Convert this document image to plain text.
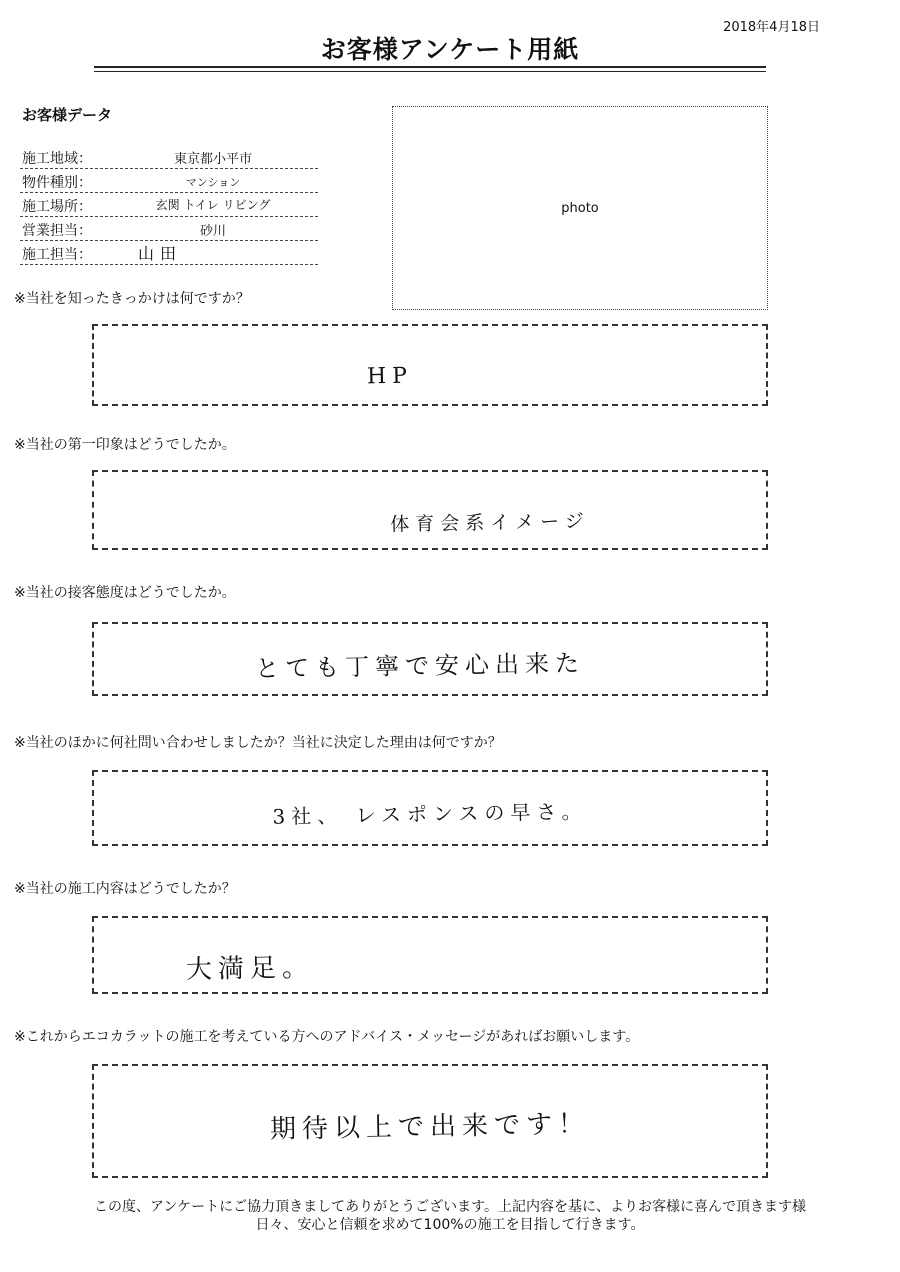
2018年4月18日
お客様アンケート用紙
お客様データ
施工地域：	東京都小平市
物件種別：	マンション
施工場所：	玄関 トイレ リビング
営業担当：	砂川
施工担当：	山田
photo
※当社を知ったきっかけは何ですか？
HP
※当社の第一印象はどうでしたか。
体育会系イメージ
※当社の接客態度はどうでしたか。
とても丁寧で安心出来た
※当社のほかに何社問い合わせしましたか？当社に決定した理由は何ですか？
3社、 レスポンスの早さ。
※当社の施工内容はどうでしたか？
大満足。
※これからエコカラットの施工を考えている方へのアドバイス・メッセージがあればお願いします。
期待以上で出来です！
この度、アンケートにご協力頂きましてありがとうございます。上記内容を基に、よりお客様に喜んで頂きます様
日々、安心と信頼を求めて100%の施工を目指して行きます。
